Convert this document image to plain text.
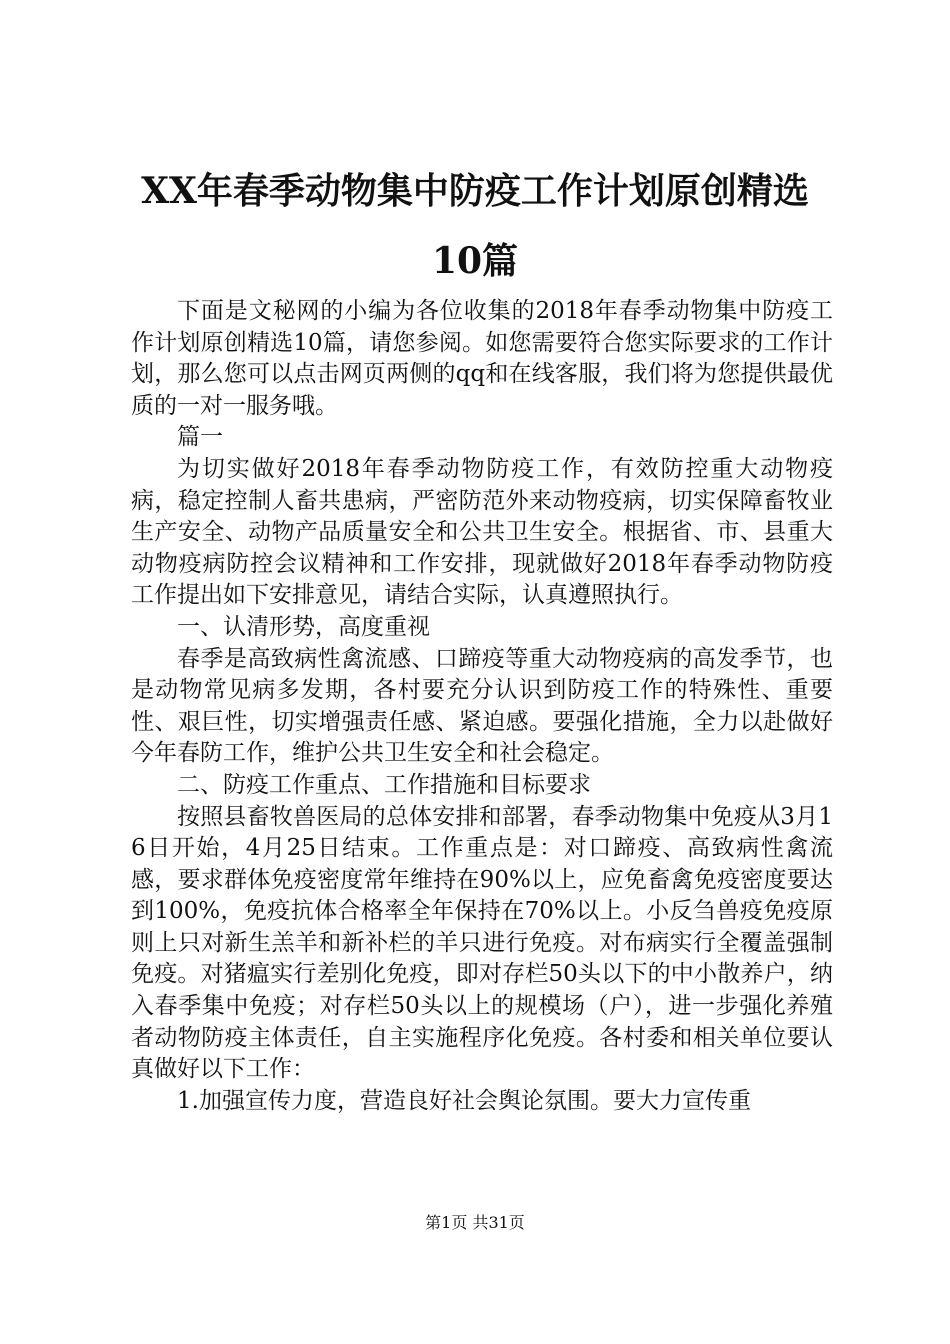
XX年春季动物集中防疫工作计划原创精选10篇

下面是文秘网的小编为各位收集的2018年春季动物集中防疫工作计划原创精选10篇，请您参阅。如您需要符合您实际要求的工作计划，那么您可以点击网页两侧的qq和在线客服，我们将为您提供最优质的一对一服务哦。

篇一

为切实做好2018年春季动物防疫工作，有效防控重大动物疫病，稳定控制人畜共患病，严密防范外来动物疫病，切实保障畜牧业生产安全、动物产品质量安全和公共卫生安全。根据省、市、县重大动物疫病防控会议精神和工作安排，现就做好2018年春季动物防疫工作提出如下安排意见，请结合实际，认真遵照执行。

一、认清形势，高度重视

春季是高致病性禽流感、口蹄疫等重大动物疫病的高发季节，也是动物常见病多发期，各村要充分认识到防疫工作的特殊性、重要性、艰巨性，切实增强责任感、紧迫感。要强化措施，全力以赴做好今年春防工作，维护公共卫生安全和社会稳定。

二、防疫工作重点、工作措施和目标要求

按照县畜牧兽医局的总体安排和部署，春季动物集中免疫从3月16日开始，4月25日结束。工作重点是：对口蹄疫、高致病性禽流感，要求群体免疫密度常年维持在90%以上，应免畜禽免疫密度要达到100%，免疫抗体合格率全年保持在70%以上。小反刍兽疫免疫原则上只对新生羔羊和新补栏的羊只进行免疫。对布病实行全覆盖强制免疫。对猪瘟实行差别化免疫，即对存栏50头以下的中小散养户，纳入春季集中免疫；对存栏50头以上的规模场（户），进一步强化养殖者动物防疫主体责任，自主实施程序化免疫。各村委和相关单位要认真做好以下工作：

1.加强宣传力度，营造良好社会舆论氛围。要大力宣传重

第1页 共31页
